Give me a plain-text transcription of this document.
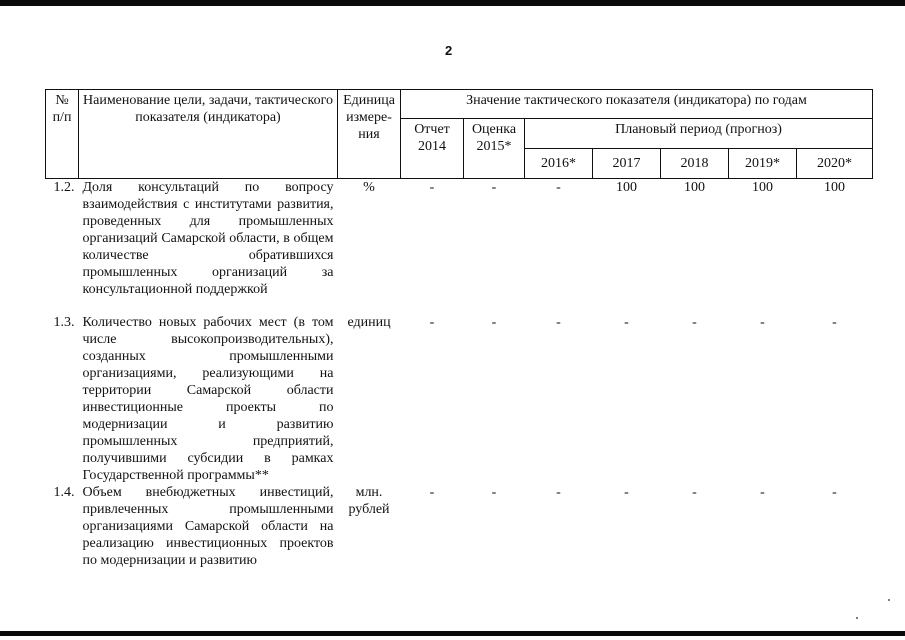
2
№ п/п	Наименование цели, задачи, тактического показателя (индикатора)	Единица измере-ния	Значение тактического показателя (индикатора) по годам						
			Отчет 2014	Оценка 2015*	Плановый период (прогноз)				
					2016*	2017	2018	2019*	2020*
1.2.	Доля консультаций по вопросу взаимодействия с институтами развития, проведенных для промышленных организаций Самарской области, в общем количестве обратившихся промышленных организаций за консультационной поддержкой	%	-	-	-	100	100	100	100
1.3.	Количество новых рабочих мест (в том числе высокопроизводительных), созданных промышленными организациями, реализующими на территории Самарской области инвестиционные проекты по модернизации и развитию промышленных предприятий, получившими субсидии в рамках Государственной программы**	единиц	-	-	-	-	-	-	-
1.4.	Объем внебюджетных инвестиций, привлеченных промышленными организациями Самарской области на реализацию инвестиционных проектов по модернизации и развитию	млн. рублей	-	-	-	-	-	-	-
